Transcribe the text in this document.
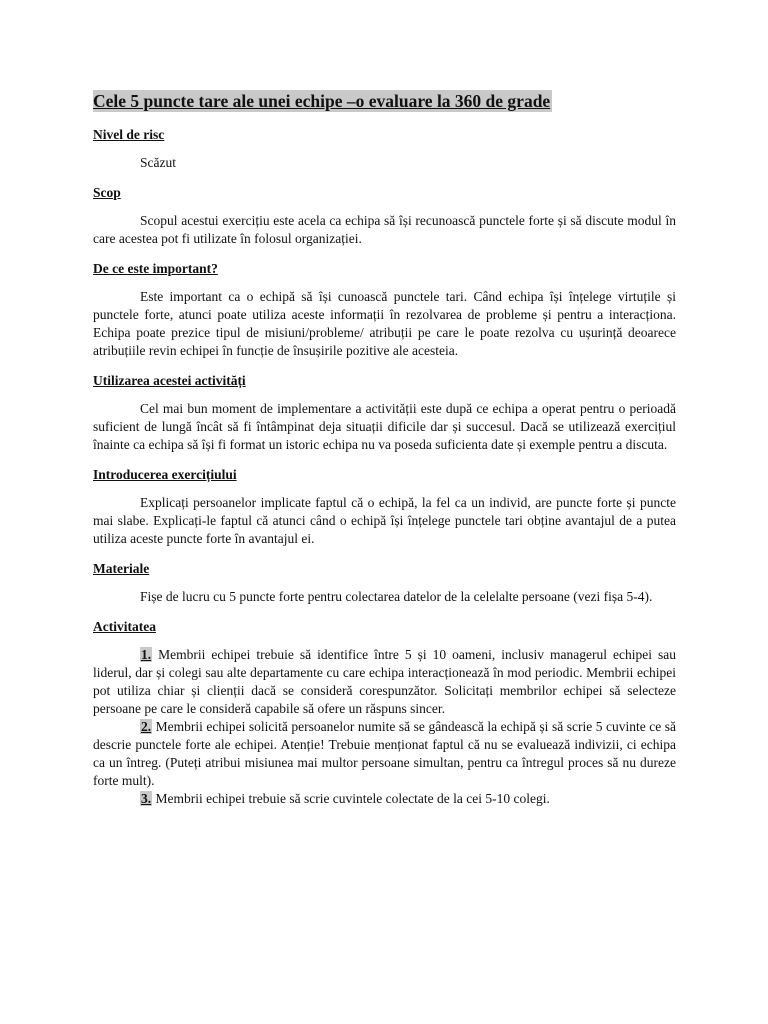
Cele 5 puncte tare ale unei echipe –o evaluare la 360 de grade
Nivel de risc
Scăzut
Scop
Scopul acestui exercițiu este acela ca echipa să își recunoască punctele forte și să discute modul în care acestea pot fi utilizate în folosul organizației.
De ce este important?
Este important ca o echipă să își cunoască punctele tari. Când echipa își înțelege virtuțile și punctele forte, atunci poate utiliza aceste informații în rezolvarea de probleme și pentru a interacționa. Echipa poate prezice tipul de misiuni/probleme/ atribuții pe care le poate rezolva cu ușurință deoarece atribuțiile revin echipei în funcție de însușirile pozitive ale acesteia.
Utilizarea acestei activități
Cel mai bun moment de implementare a activității este după ce echipa a operat pentru o perioadă suficient de lungă încât să fi întâmpinat deja situații dificile dar și succesul. Dacă se utilizează exercițiul înainte ca echipa să își fi format un istoric echipa nu va poseda suficienta date și exemple pentru a discuta.
Introducerea exercițiului
Explicați persoanelor implicate faptul că o echipă, la fel ca un individ, are puncte forte și puncte mai slabe. Explicați-le faptul că atunci când o echipă își înțelege punctele tari obține avantajul de a putea utiliza aceste puncte forte în avantajul ei.
Materiale
Fișe de lucru cu 5 puncte forte pentru colectarea datelor de la celelalte persoane (vezi fișa 5-4).
Activitatea
1. Membrii echipei trebuie să identifice între 5 și 10 oameni, inclusiv managerul echipei sau liderul, dar și colegi sau alte departamente cu care echipa interacționează în mod periodic. Membrii echipei pot utiliza chiar și clienții dacă se consideră corespunzător. Solicitați membrilor echipei să selecteze persoane pe care le consideră capabile să ofere un răspuns sincer.
2. Membrii echipei solicită persoanelor numite să se gândească la echipă și să scrie 5 cuvinte ce să descrie punctele forte ale echipei. Atenție! Trebuie menționat faptul că nu se evaluează indivizii, ci echipa ca un întreg. (Puteți atribui misiunea mai multor persoane simultan, pentru ca întregul proces să nu dureze forte mult).
3. Membrii echipei trebuie să scrie cuvintele colectate de la cei 5-10 colegi.
